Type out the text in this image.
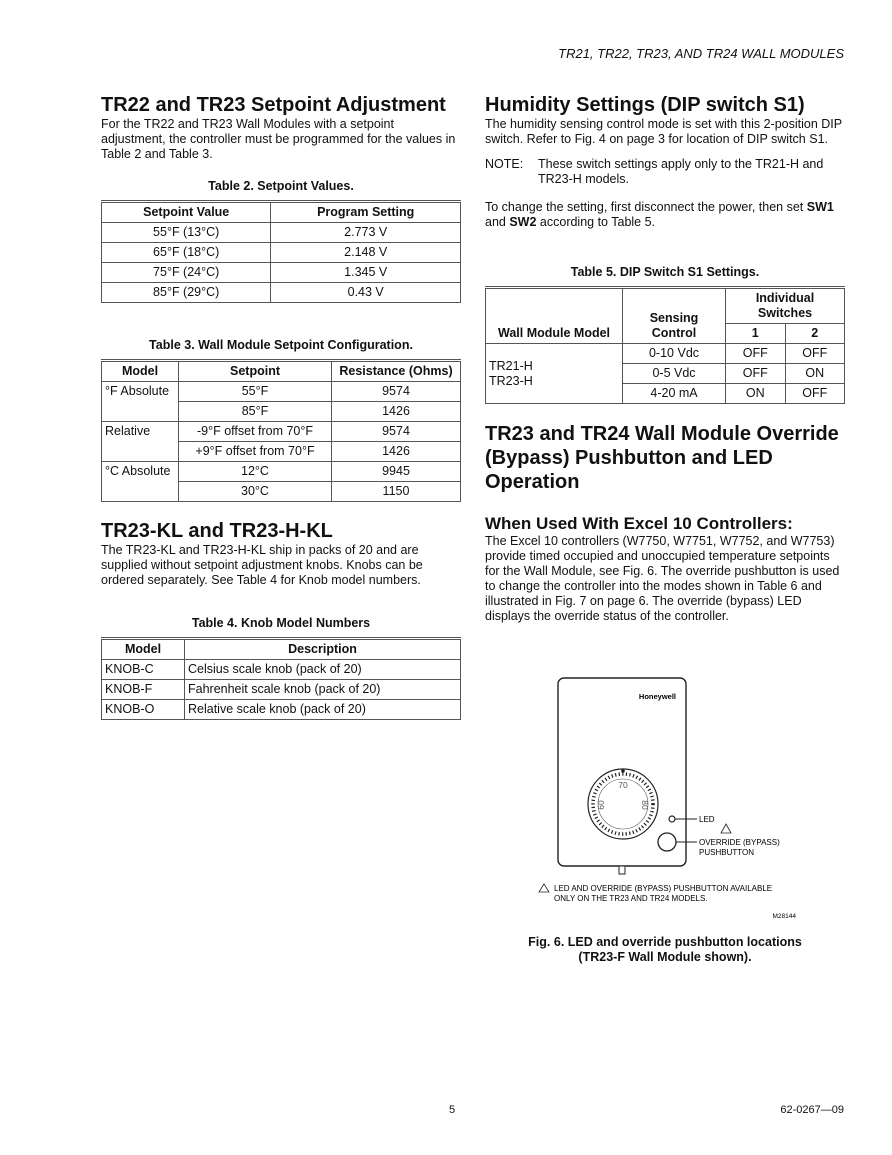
TR21, TR22, TR23, AND TR24 WALL MODULES
TR22 and TR23 Setpoint Adjustment

For the TR22 and TR23 Wall Modules with a setpoint adjustment, the controller must be programmed for the values in Table 2 and Table 3.

Table 2. Setpoint Values.
Setpoint Value	Program Setting
55°F (13°C)	2.773 V
65°F (18°C)	2.148 V
75°F (24°C)	1.345 V
85°F (29°C)	0.43 V
Table 3. Wall Module Setpoint Configuration.
Model	Setpoint	Resistance (Ohms)
°F Absolute	55°F	9574
	85°F	1426
Relative	-9°F offset from 70°F	9574
	+9°F offset from 70°F	1426
°C Absolute	12°C	9945
	30°C	1150
TR23-KL and TR23-H-KL

The TR23-KL and TR23-H-KL ship in packs of 20 and are supplied without setpoint adjustment knobs. Knobs can be ordered separately. See Table 4 for Knob model numbers.

Table 4. Knob Model Numbers
Model	Description
KNOB-C	Celsius scale knob (pack of 20)
KNOB-F	Fahrenheit scale knob (pack of 20)
KNOB-O	Relative scale knob (pack of 20)
Humidity Settings (DIP switch S1)

The humidity sensing control mode is set with this 2-position DIP switch. Refer to Fig. 4 on page 3 for location of DIP switch S1.

NOTE:	These switch settings apply only to the TR21-H and TR23-H models.

To change the setting, first disconnect the power, then set SW1 and SW2 according to Table 5.

Table 5. DIP Switch S1 Settings.
Wall Module Model	Sensing Control	Individual Switches	
		1	2
TR21-H
TR23-H	0-10 Vdc	OFF	OFF
	0-5 Vdc	OFF	ON
	4-20 mA	ON	OFF
TR23 and TR24 Wall Module Override (Bypass) Pushbutton and LED Operation
When Used With Excel 10 Controllers:

The Excel 10 controllers (W7750, W7751, W7752, and W7753) provide timed occupied and unoccupied temperature setpoints for the Wall Module, see Fig. 6. The override pushbutton is used to change the controller into the modes shown in Table 6 and illustrated in Fig. 7 on page 6. The override (bypass) LED displays the override status of the controller.

Honeywell
70
60	80
LED
OVERRIDE (BYPASS)
PUSHBUTTON
LED AND OVERRIDE (BYPASS) PUSHBUTTON AVAILABLE
ONLY ON THE TR23 AND TR24 MODELS.
M28144
Fig. 6. LED and override pushbutton locations
(TR23-F Wall Module shown).
5	62-0267—09
